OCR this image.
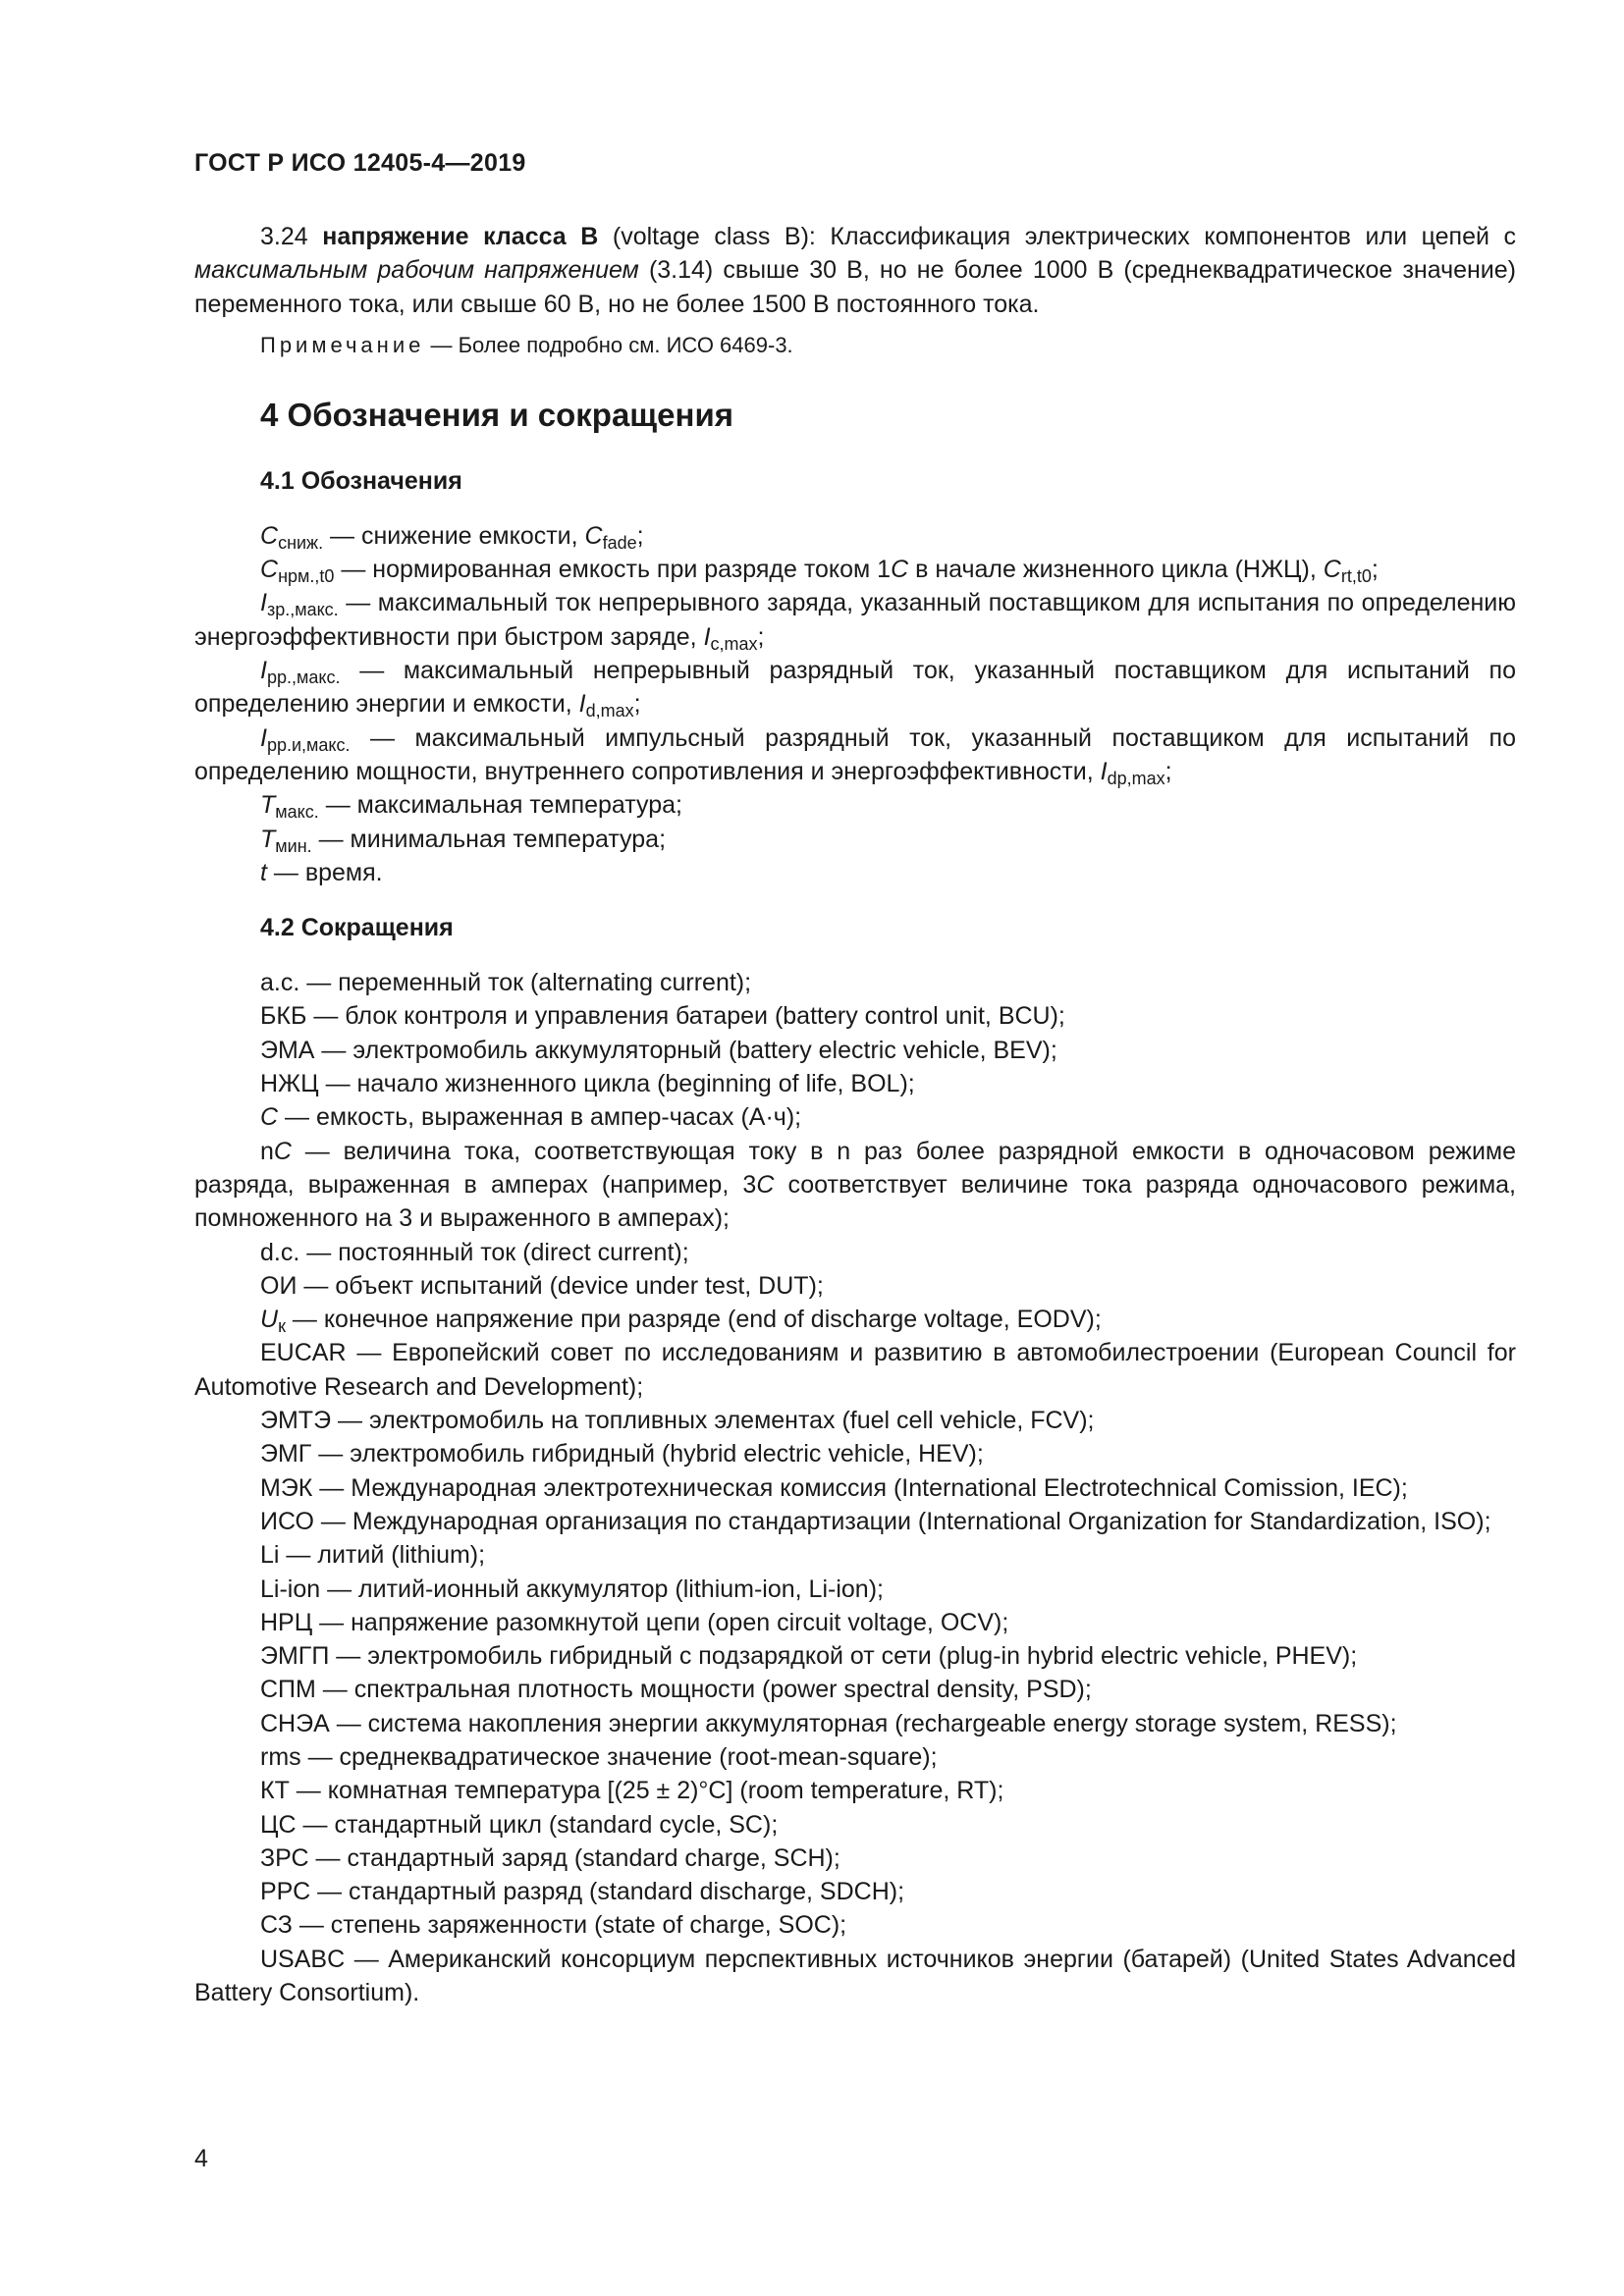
ГОСТ Р ИСО 12405-4—2019

3.24 напряжение класса B (voltage class B): Классификация электрических компонентов или цепей с максимальным рабочим напряжением (3.14) свыше 30 В, но не более 1000 В (среднеквадратическое значение) переменного тока, или свыше 60 В, но не более 1500 В постоянного тока.

Примечание — Более подробно см. ИСО 6469-3.

4 Обозначения и сокращения
4.1 Обозначения

$C_{сниж.}$ — снижение емкости, $C_{fade}$;

$C_{нрм.,t0}$ — нормированная емкость при разряде током 1C в начале жизненного цикла (НЖЦ), $C_{rt,t0}$;

$I_{зр.,макс.}$ — максимальный ток непрерывного заряда, указанный поставщиком для испытания по определению энергоэффективности при быстром заряде, $I_{c,max}$;

$I_{рр.,макс.}$ — максимальный непрерывный разрядный ток, указанный поставщиком для испытаний по определению энергии и емкости, $I_{d,max}$;

$I_{рр.и,макс.}$ — максимальный импульсный разрядный ток, указанный поставщиком для испытаний по определению мощности, внутреннего сопротивления и энергоэффективности, $I_{dp,max}$;

$T_{макс.}$ — максимальная температура;

$T_{мин.}$ — минимальная температура;

t — время.

4.2 Сокращения

a.c. — переменный ток (alternating current);

БКБ — блок контроля и управления батареи (battery control unit, BCU);

ЭМА — электромобиль аккумуляторный (battery electric vehicle, BEV);

НЖЦ — начало жизненного цикла (beginning of life, BOL);

C — емкость, выраженная в ампер-часах (А·ч);

nC — величина тока, соответствующая току в n раз более разрядной емкости в одночасовом режиме разряда, выраженная в амперах (например, 3C соответствует величине тока разряда одночасового режима, помноженного на 3 и выраженного в амперах);

d.c. — постоянный ток (direct current);

ОИ — объект испытаний (device under test, DUT);

$U_к$ — конечное напряжение при разряде (end of discharge voltage, EODV);

EUCAR — Европейский совет по исследованиям и развитию в автомобилестроении (European Council for Automotive Research and Development);

ЭМТЭ — электромобиль на топливных элементах (fuel cell vehicle, FCV);

ЭМГ — электромобиль гибридный (hybrid electric vehicle, HEV);

МЭК — Международная электротехническая комиссия (International Electrotechnical Comission, IEC);

ИСО — Международная организация по стандартизации (International Organization for Standardization, ISO);

Li — литий (lithium);

Li-ion — литий-ионный аккумулятор (lithium-ion, Li-ion);

НРЦ — напряжение разомкнутой цепи (open circuit voltage, OCV);

ЭМГП — электромобиль гибридный с подзарядкой от сети (plug-in hybrid electric vehicle, PHEV);

СПМ — спектральная плотность мощности (power spectral density, PSD);

СНЭА — система накопления энергии аккумуляторная (rechargeable energy storage system, RESS);

rms — среднеквадратическое значение (root-mean-square);

КТ — комнатная температура [(25 ± 2)°С] (room temperature, RT);

ЦС — стандартный цикл (standard cycle, SC);

ЗРС — стандартный заряд (standard charge, SCH);

РРС — стандартный разряд (standard discharge, SDCH);

СЗ — степень заряженности (state of charge, SOC);

USABC — Американский консорциум перспективных источников энергии (батарей) (United States Advanced Battery Consortium).

4
